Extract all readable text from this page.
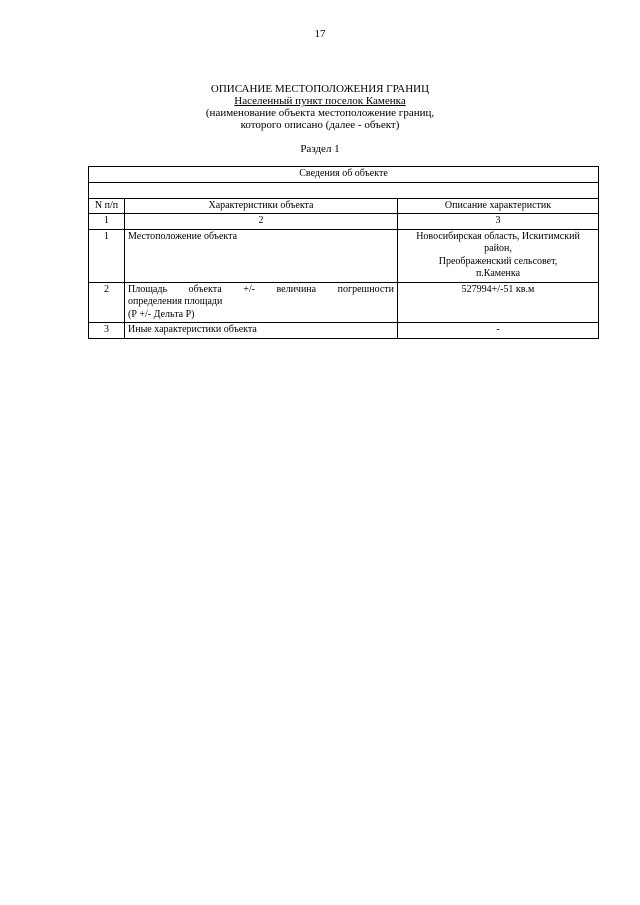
17
ОПИСАНИЕ МЕСТОПОЛОЖЕНИЯ ГРАНИЦ
Населенный пункт поселок Каменка
(наименование объекта местоположение границ,
которого описано (далее - объект)
Раздел 1
Сведения об объекте		

N п/п	Характеристики объекта	Описание характеристик
1	2	3
1	Местоположение объекта	Новосибирская область, Искитимский
район,
Преображенский сельсовет,
п.Каменка

2	Площадь объекта +/- величина погрешности
определения площади
(Р +/- Дельта Р)	527994+/-51 кв.м
3	Иные характеристики объекта	-
